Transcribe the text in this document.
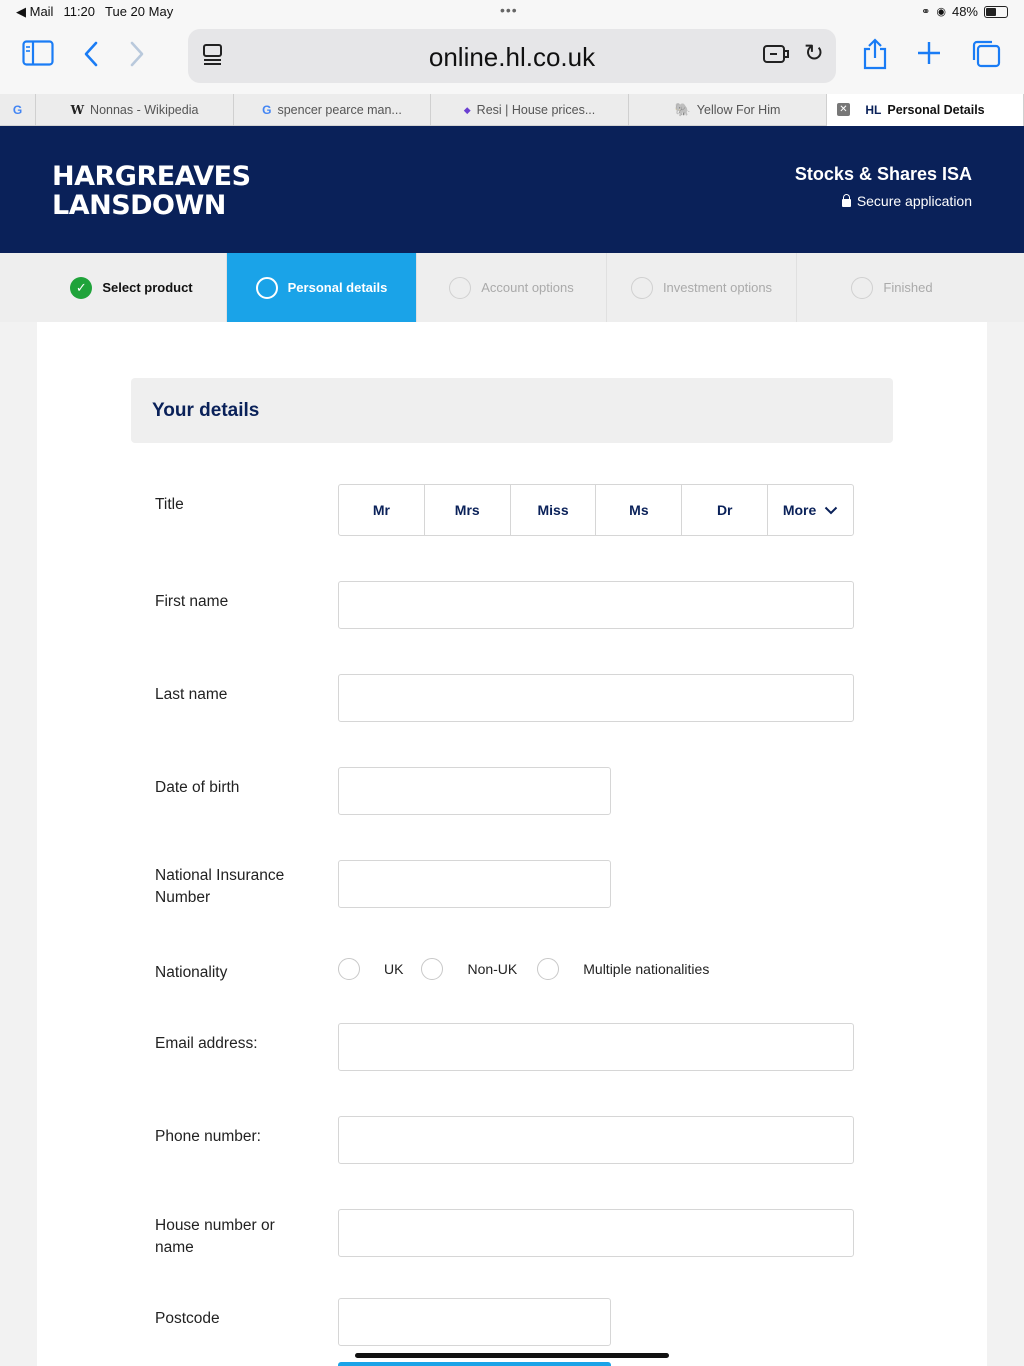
◀ Mail 11:20 Tue 20 May	•••	⚭ ◉ 48%
online.hl.co.uk	↻
G	W Nonnas - Wikipedia	G spencer pearce man...	◆ Resi | House prices...	🐘 Yellow For Him	✕ HL Personal Details
HARGREAVES
LANSDOWN
Stocks & Shares ISA
Secure application
✓	Select product	Personal details	Account options	Investment options	Finished
Your details
Title	Mr	Mrs	Miss	Ms	Dr	More
First name
Last name
Date of birth
National Insurance Number
Nationality	UK	Non-UK	Multiple nationalities
Email address:
Phone number:
House number or name
Postcode
